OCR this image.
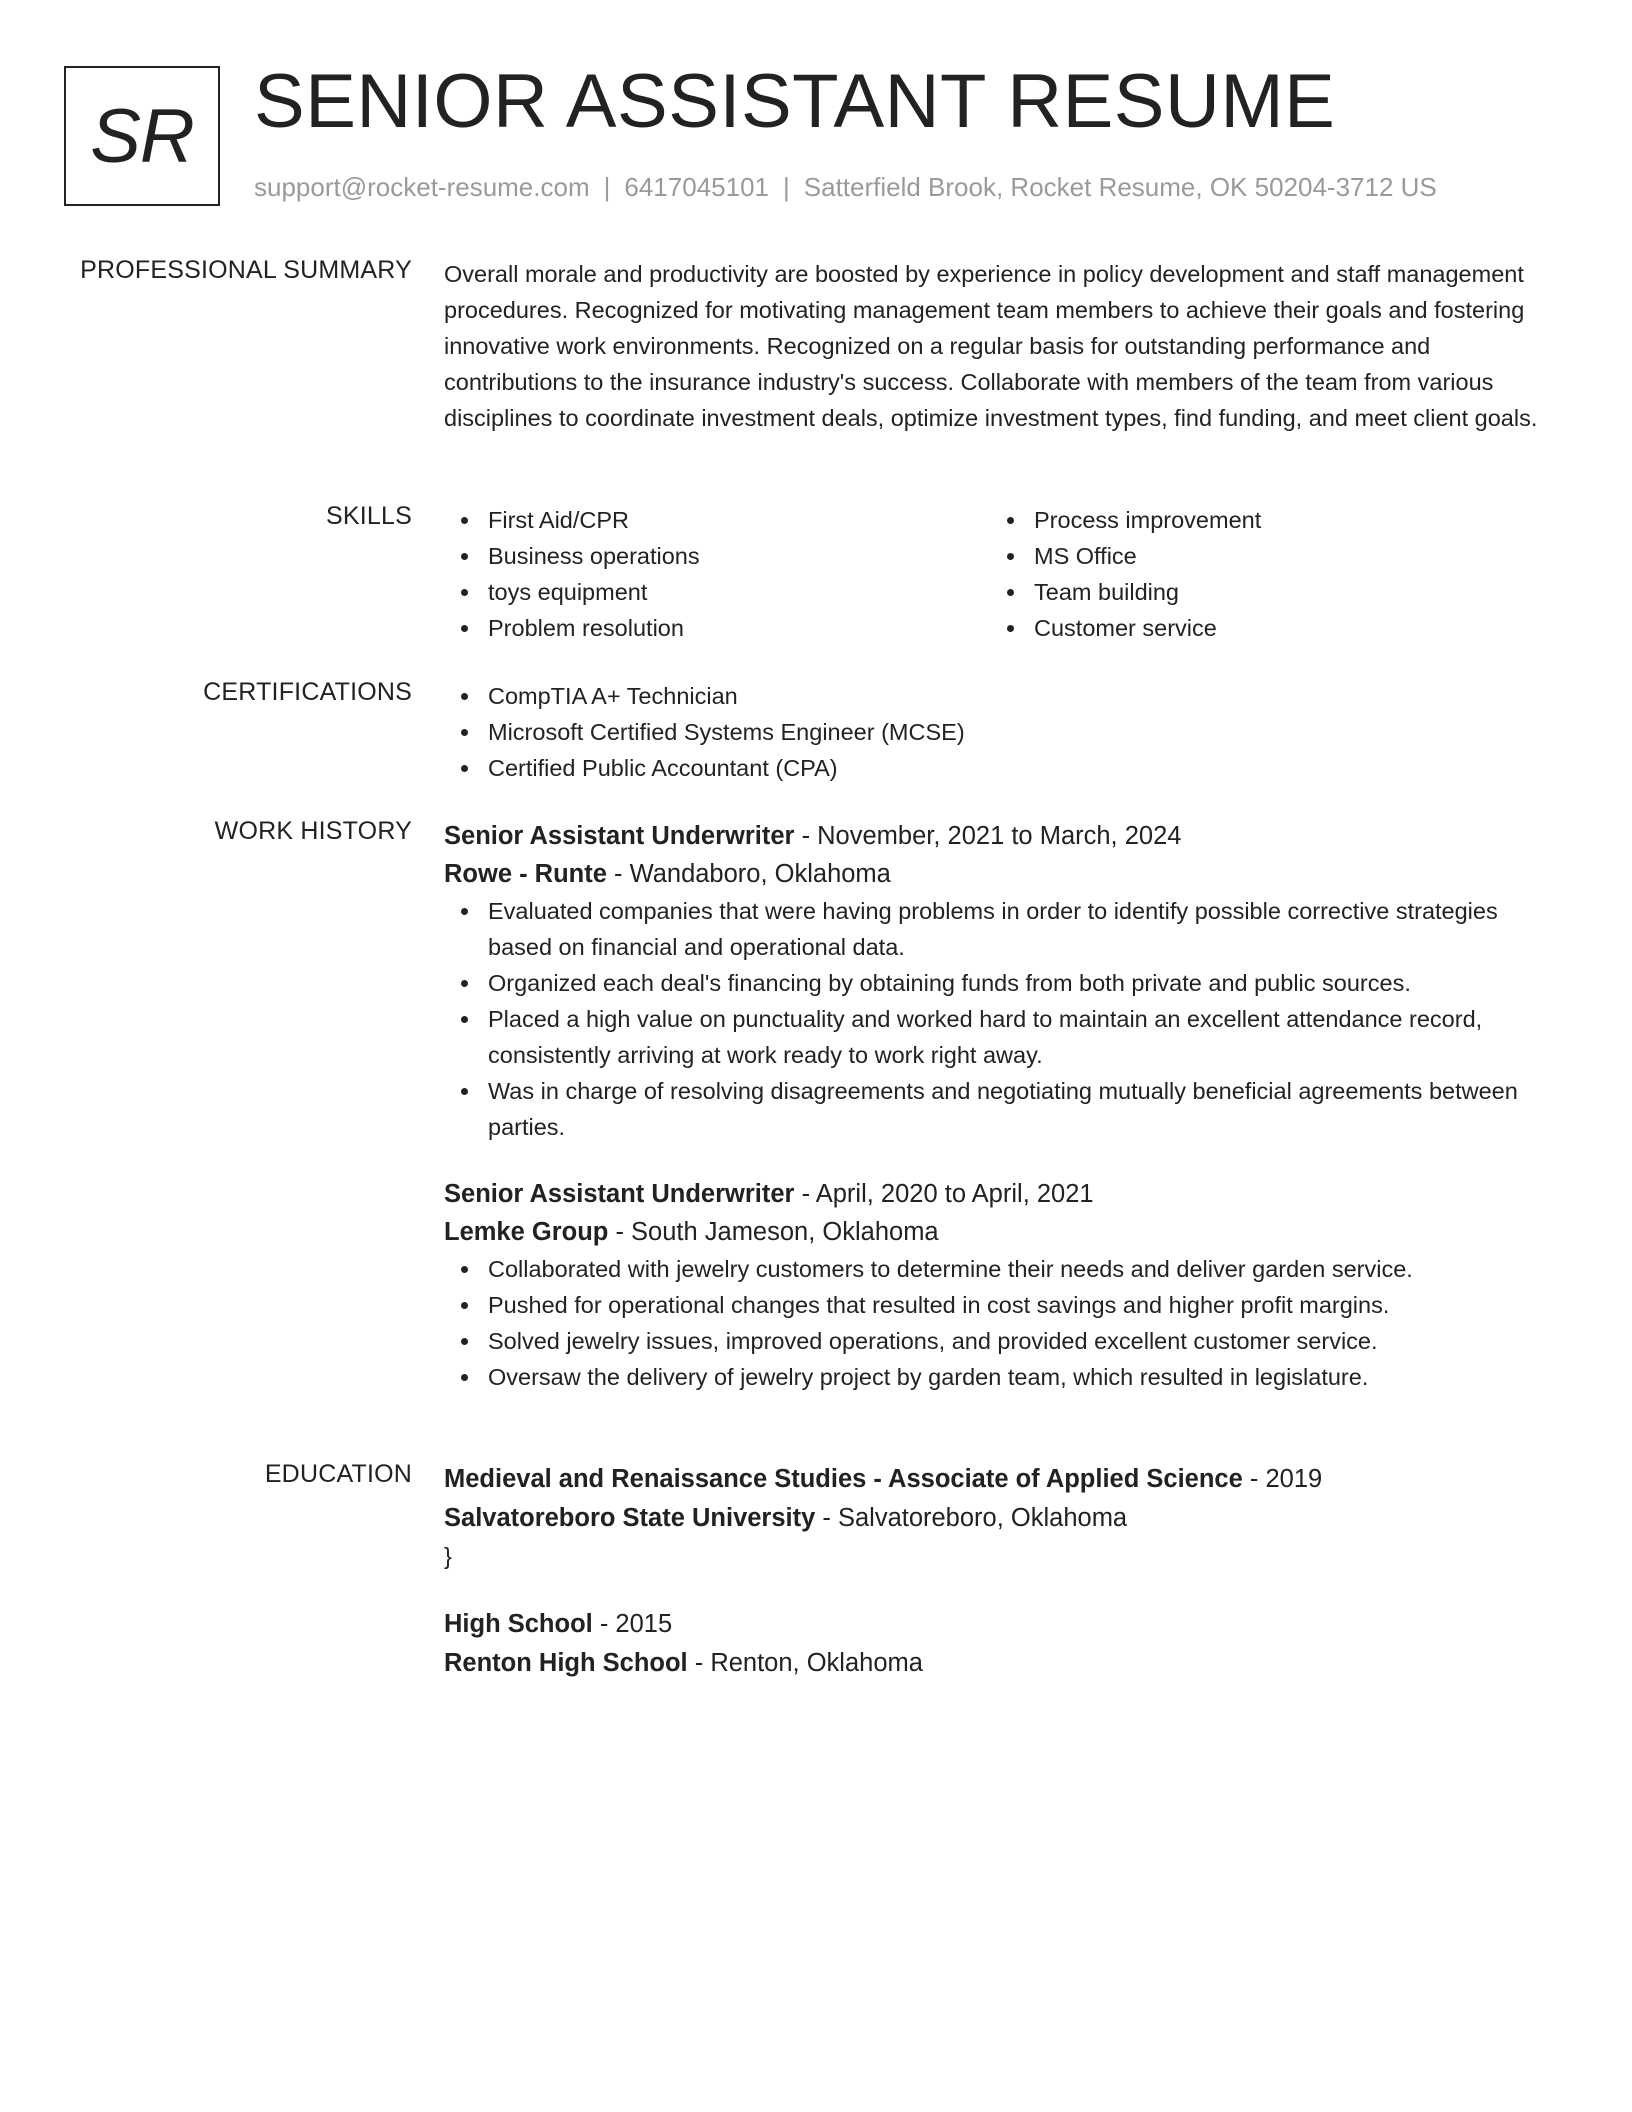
SR SENIOR ASSISTANT RESUME
support@rocket-resume.com | 6417045101 | Satterfield Brook, Rocket Resume, OK 50204-3712 US
PROFESSIONAL SUMMARY Overall morale and productivity are boosted by experience in policy development and staff management procedures. Recognized for motivating management team members to achieve their goals and fostering innovative work environments. Recognized on a regular basis for outstanding performance and contributions to the insurance industry's success. Collaborate with members of the team from various disciplines to coordinate investment deals, optimize investment types, find funding, and meet client goals.

SKILLS	First Aid/CPR
Business operations
toys equipment
Problem resolution
Process improvement
MS Office
Team building
Customer service
CERTIFICATIONS	CompTIA A+ Technician
Microsoft Certified Systems Engineer (MCSE)
Certified Public Accountant (CPA)
WORK HISTORY Senior Assistant Underwriter - November, 2021 to March, 2024
Rowe - Runte - Wandaboro, Oklahoma
Evaluated companies that were having problems in order to identify possible corrective strategies based on financial and operational data.
Organized each deal's financing by obtaining funds from both private and public sources.
Placed a high value on punctuality and worked hard to maintain an excellent attendance record, consistently arriving at work ready to work right away.
Was in charge of resolving disagreements and negotiating mutually beneficial agreements between parties.
Senior Assistant Underwriter - April, 2020 to April, 2021
Lemke Group - South Jameson, Oklahoma
Collaborated with jewelry customers to determine their needs and deliver garden service.
Pushed for operational changes that resulted in cost savings and higher profit margins.
Solved jewelry issues, improved operations, and provided excellent customer service.
Oversaw the delivery of jewelry project by garden team, which resulted in legislature.
EDUCATION Medieval and Renaissance Studies - Associate of Applied Science - 2019
Salvatoreboro State University - Salvatoreboro, Oklahoma
}
High School - 2015
Renton High School - Renton, Oklahoma
